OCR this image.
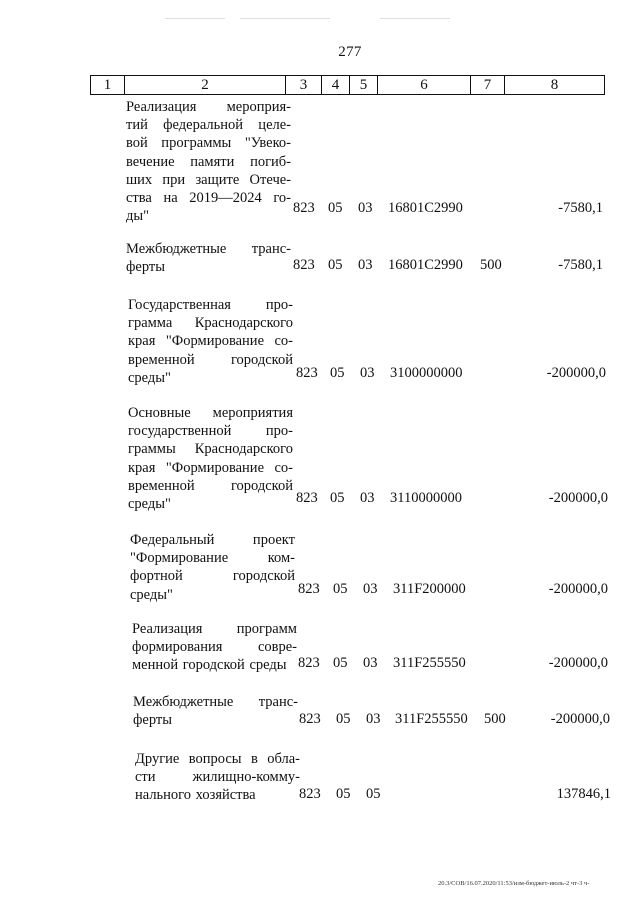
277
1	2	3	4	5	6	7	8
Реализация мероприя-
тий федеральной целе-
вой программы "Увеко-
вечение памяти погиб-
ших при защите Отече-
ства на 2019—2024 го-
ды"
823 05 03 16801С2990	-7580,1
Межбюджетные транс-
ферты	823 05 03 16801С2990 500	-7580,1
Государственная про-
грамма Краснодарского
края "Формирование со-
временной городской
среды"	823 05 03 3100000000	-200000,0
Основные мероприятия
государственной про-
граммы Краснодарского
края "Формирование со-
временной городской
среды"	823 05 03 3110000000	-200000,0
Федеральный проект
"Формирование ком-
фортной городской
среды"	823 05 03 311F200000	-200000,0
Реализация программ
формирования совре-
менной городской среды 823 05 03 311F255550	-200000,0
Межбюджетные транс-
ферты	823 05 03 311F255550 500	-200000,0
Другие вопросы в обла-
сти жилищно-комму-
нального хозяйства	823 05 05	137846,1
20.3/СОВ/16.07.2020/11:53/изм-бюджет-июль-2 чт-3 ч-
